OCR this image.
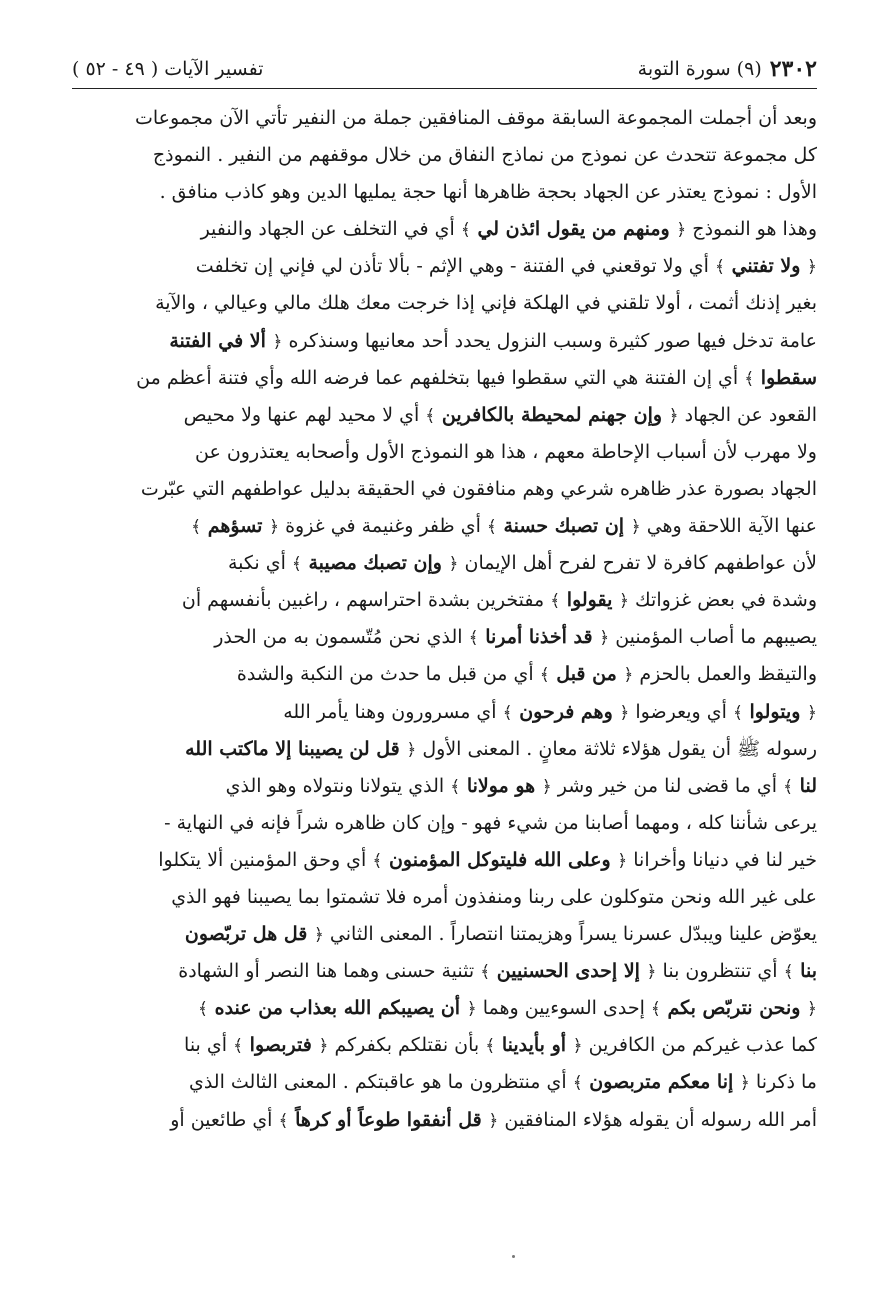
٢٣٠٢
(٩) سورة التوبة
تفسير الآيات ( ٤٩ - ٥٢ )
وبعد أن أجملت المجموعة السابقة موقف المنافقين جملة من النفير تأتي الآن مجموعات
كل مجموعة تتحدث عن نموذج من نماذج النفاق من خلال موقفهم من النفير . النموذج
الأول : نموذج يعتذر عن الجهاد بحجة ظاهرها أنها حجة يمليها الدين وهو كاذب منافق .
وهذا هو النموذج ﴿ ومنهم من يقول ائذن لي ﴾ أي في التخلف عن الجهاد والنفير
﴿ ولا تفتني ﴾ أي ولا توقعني في الفتنة - وهي الإثم - بألا تأذن لي فإني إن تخلفت
بغير إذنك أثمت ، أولا تلقني في الهلكة فإني إذا خرجت معك هلك مالي وعيالي ، والآية
عامة تدخل فيها صور كثيرة وسبب النزول يحدد أحد معانيها وسنذكره ﴿ ألا في الفتنة
سقطوا ﴾ أي إن الفتنة هي التي سقطوا فيها بتخلفهم عما فرضه الله وأي فتنة أعظم من
القعود عن الجهاد ﴿ وإن جهنم لمحيطة بالكافرين ﴾ أي لا محيد لهم عنها ولا محيص
ولا مهرب لأن أسباب الإحاطة معهم ، هذا هو النموذج الأول وأصحابه يعتذرون عن
الجهاد بصورة عذر ظاهره شرعي وهم منافقون في الحقيقة بدليل عواطفهم التي عبّرت
عنها الآية اللاحقة وهي ﴿ إن تصبك حسنة ﴾ أي ظفر وغنيمة في غزوة ﴿ تسؤهم ﴾
لأن عواطفهم كافرة لا تفرح لفرح أهل الإيمان ﴿ وإن تصبك مصيبة ﴾ أي نكبة
وشدة في بعض غزواتك ﴿ يقولوا ﴾ مفتخرين بشدة احتراسهم ، راغبين بأنفسهم أن
يصيبهم ما أصاب المؤمنين ﴿ قد أخذنا أمرنا ﴾ الذي نحن مُتّسمون به من الحذر
والتيقظ والعمل بالحزم ﴿ من قبل ﴾ أي من قبل ما حدث من النكبة والشدة
﴿ ويتولوا ﴾ أي ويعرضوا ﴿ وهم فرحون ﴾ أي مسرورون وهنا يأمر الله
رسوله ﷺ أن يقول هؤلاء ثلاثة معانٍ . المعنى الأول ﴿ قل لن يصيبنا إلا ماكتب الله
لنا ﴾ أي ما قضى لنا من خير وشر ﴿ هو مولانا ﴾ الذي يتولانا ونتولاه وهو الذي
يرعى شأننا كله ، ومهما أصابنا من شيء فهو - وإن كان ظاهره شراً فإنه في النهاية -
خير لنا في دنيانا وأخرانا ﴿ وعلى الله فليتوكل المؤمنون ﴾ أي وحق المؤمنين ألا يتكلوا
على غير الله ونحن متوكلون على ربنا ومنفذون أمره فلا تشمتوا بما يصيبنا فهو الذي
يعوّض علينا ويبدّل عسرنا يسراً وهزيمتنا انتصاراً . المعنى الثاني ﴿ قل هل تربّصون
بنا ﴾ أي تنتظرون بنا ﴿ إلا إحدى الحسنيين ﴾ تثنية حسنى وهما هنا النصر أو الشهادة
﴿ ونحن نتربّص بكم ﴾ إحدى السوءيين وهما ﴿ أن يصيبكم الله بعذاب من عنده ﴾
كما عذب غيركم من الكافرين ﴿ أو بأيدينا ﴾ بأن نقتلكم بكفركم ﴿ فتربصوا ﴾ أي بنا
ما ذكرنا ﴿ إنا معكم متربصون ﴾ أي منتظرون ما هو عاقبتكم . المعنى الثالث الذي
أمر الله رسوله أن يقوله هؤلاء المنافقين ﴿ قل أنفقوا طوعاً أو كرهاً ﴾ أي طائعين أو
